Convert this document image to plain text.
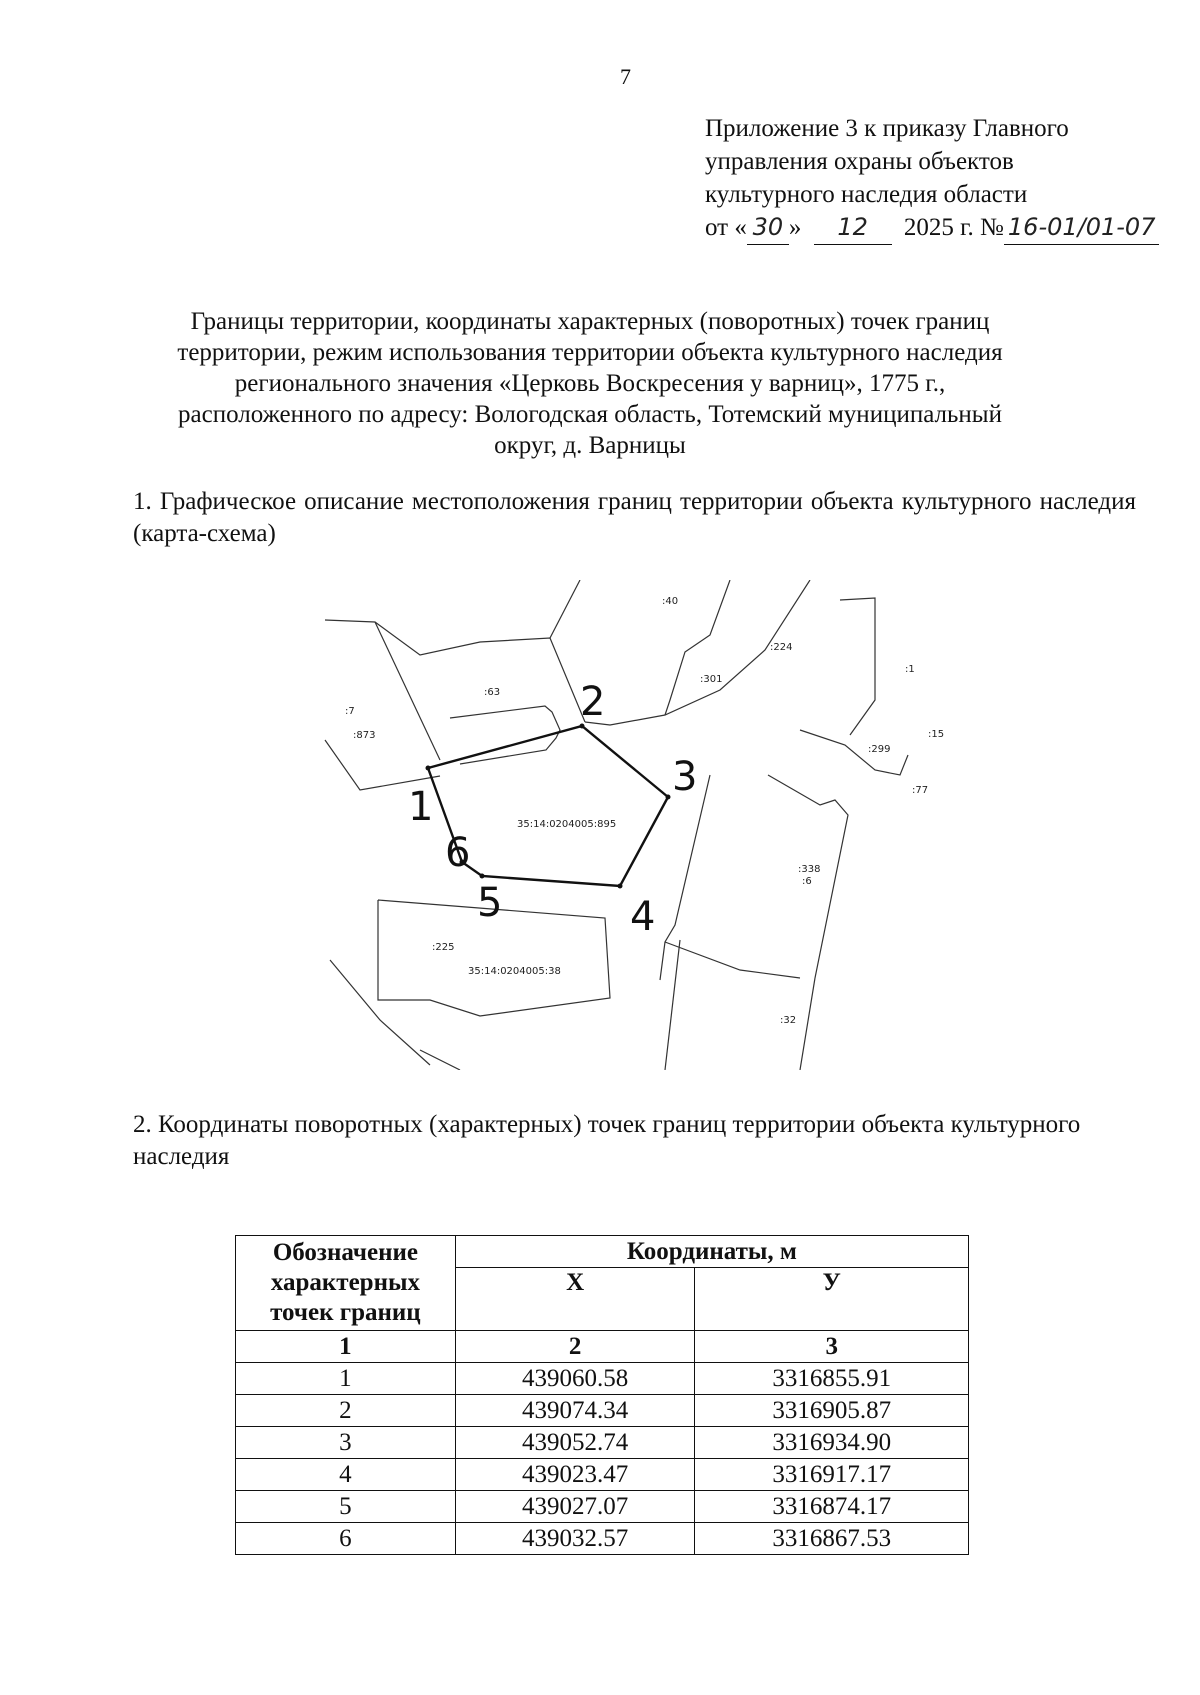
7
Приложение 3 к приказу Главного
управления охраны объектов
культурного наследия области
от « 30 » 12 2025 г. № 16-01/01-07
Границы территории, координаты характерных (поворотных) точек границ
территории, режим использования территории объекта культурного наследия
регионального значения «Церковь Воскресения у варниц», 1775 г.,
расположенного по адресу: Вологодская область, Тотемский муниципальный
округ, д. Варницы
1. Графическое описание местоположения границ территории объекта культурного наследия (карта-схема)
:40
:224
:1
:63
:301
:7
:873	:15
:299
:77
35:14:0204005:895
:338
:6
:225
35:14:0204005:38
:32
1
2
3
4
5
6
2. Координаты поворотных (характерных) точек границ территории объекта культурного наследия
Обозначение характерных точек границ	Координаты, м	
	X	У
1	2	3
1	439060.58	3316855.91
2	439074.34	3316905.87
3	439052.74	3316934.90
4	439023.47	3316917.17
5	439027.07	3316874.17
6	439032.57	3316867.53
